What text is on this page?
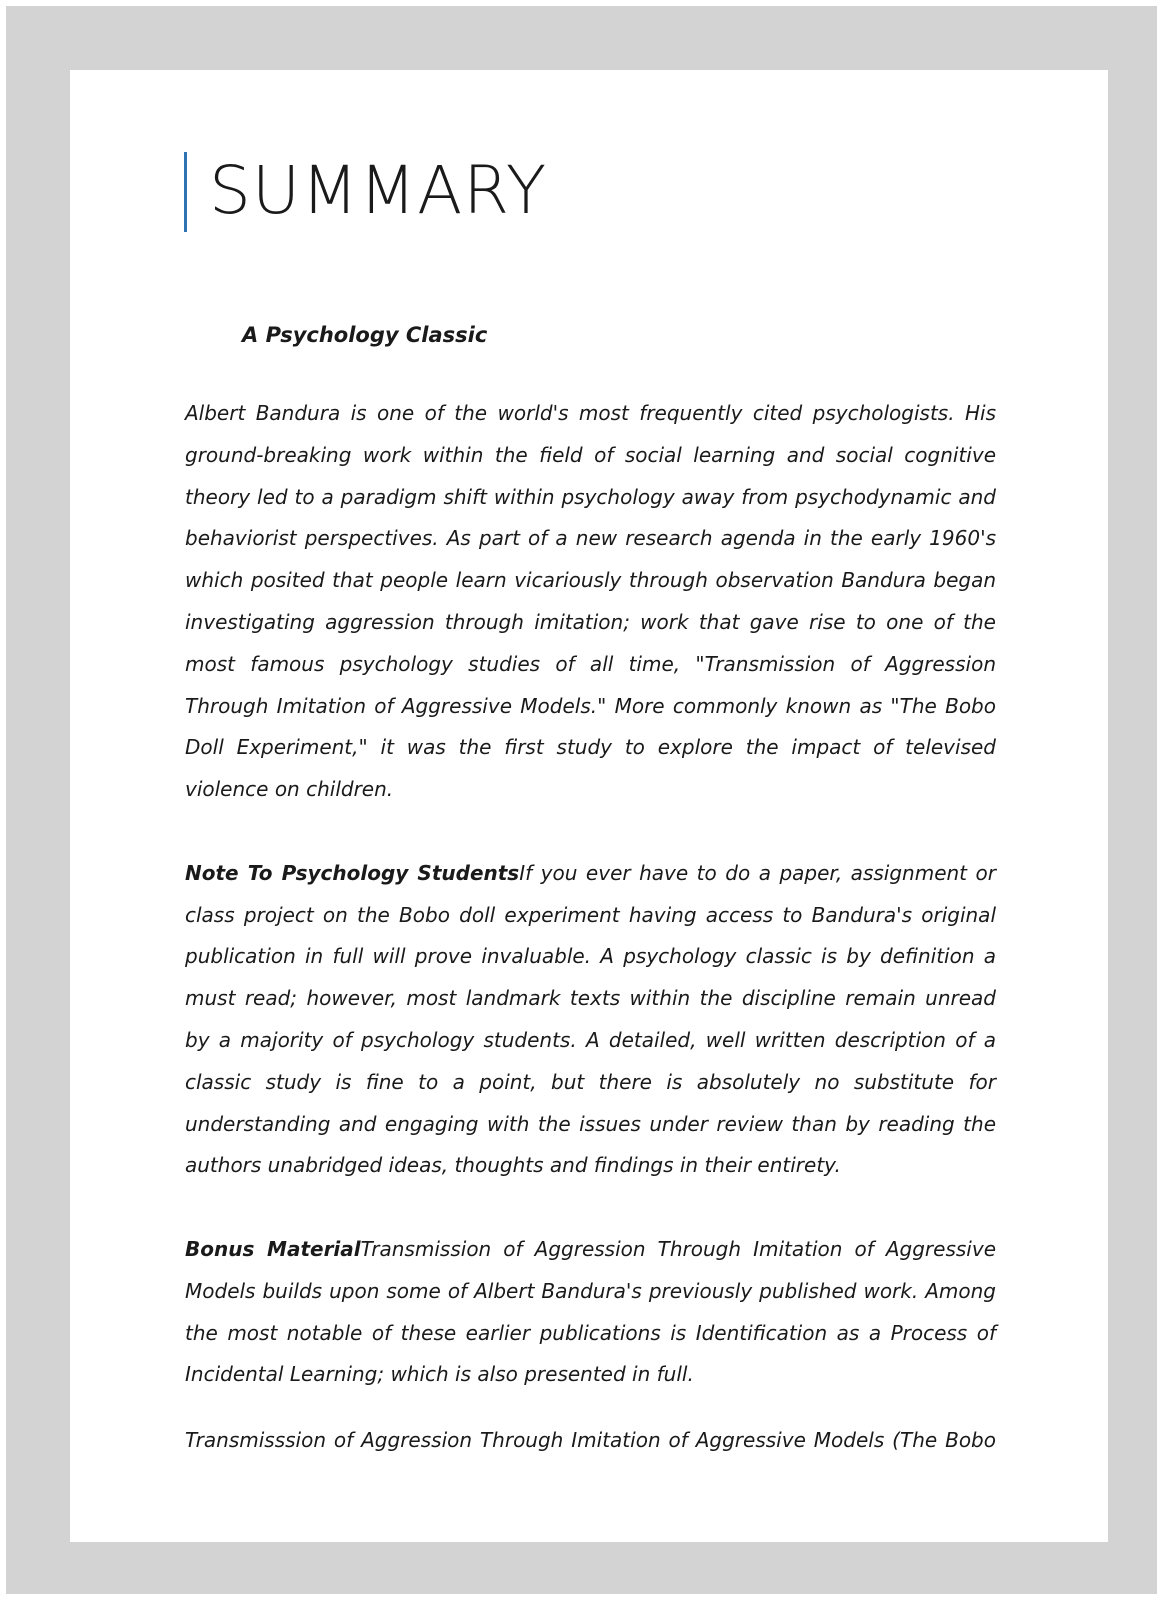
SUMMARY
A Psychology Classic

Albert Bandura is one of the world's most frequently cited psychologists. His ground-breaking work within the field of social learning and social cognitive theory led to a paradigm shift within psychology away from psychodynamic and behaviorist perspectives. As part of a new research agenda in the early 1960's which posited that people learn vicariously through observation Bandura began investigating aggression through imitation; work that gave rise to one of the most famous psychology studies of all time, "Transmission of Aggression Through Imitation of Aggressive Models." More commonly known as "The Bobo Doll Experiment," it was the first study to explore the impact of televised violence on children.

Note To Psychology StudentsIf you ever have to do a paper, assignment or class project on the Bobo doll experiment having access to Bandura's original publication in full will prove invaluable. A psychology classic is by definition a must read; however, most landmark texts within the discipline remain unread by a majority of psychology students. A detailed, well written description of a classic study is fine to a point, but there is absolutely no substitute for understanding and engaging with the issues under review than by reading the authors unabridged ideas, thoughts and findings in their entirety.

Bonus MaterialTransmission of Aggression Through Imitation of Aggressive Models builds upon some of Albert Bandura's previously published work. Among the most notable of these earlier publications is Identification as a Process of Incidental Learning; which is also presented in full.

Transmisssion of Aggression Through Imitation of Aggressive Models (The Bobo
